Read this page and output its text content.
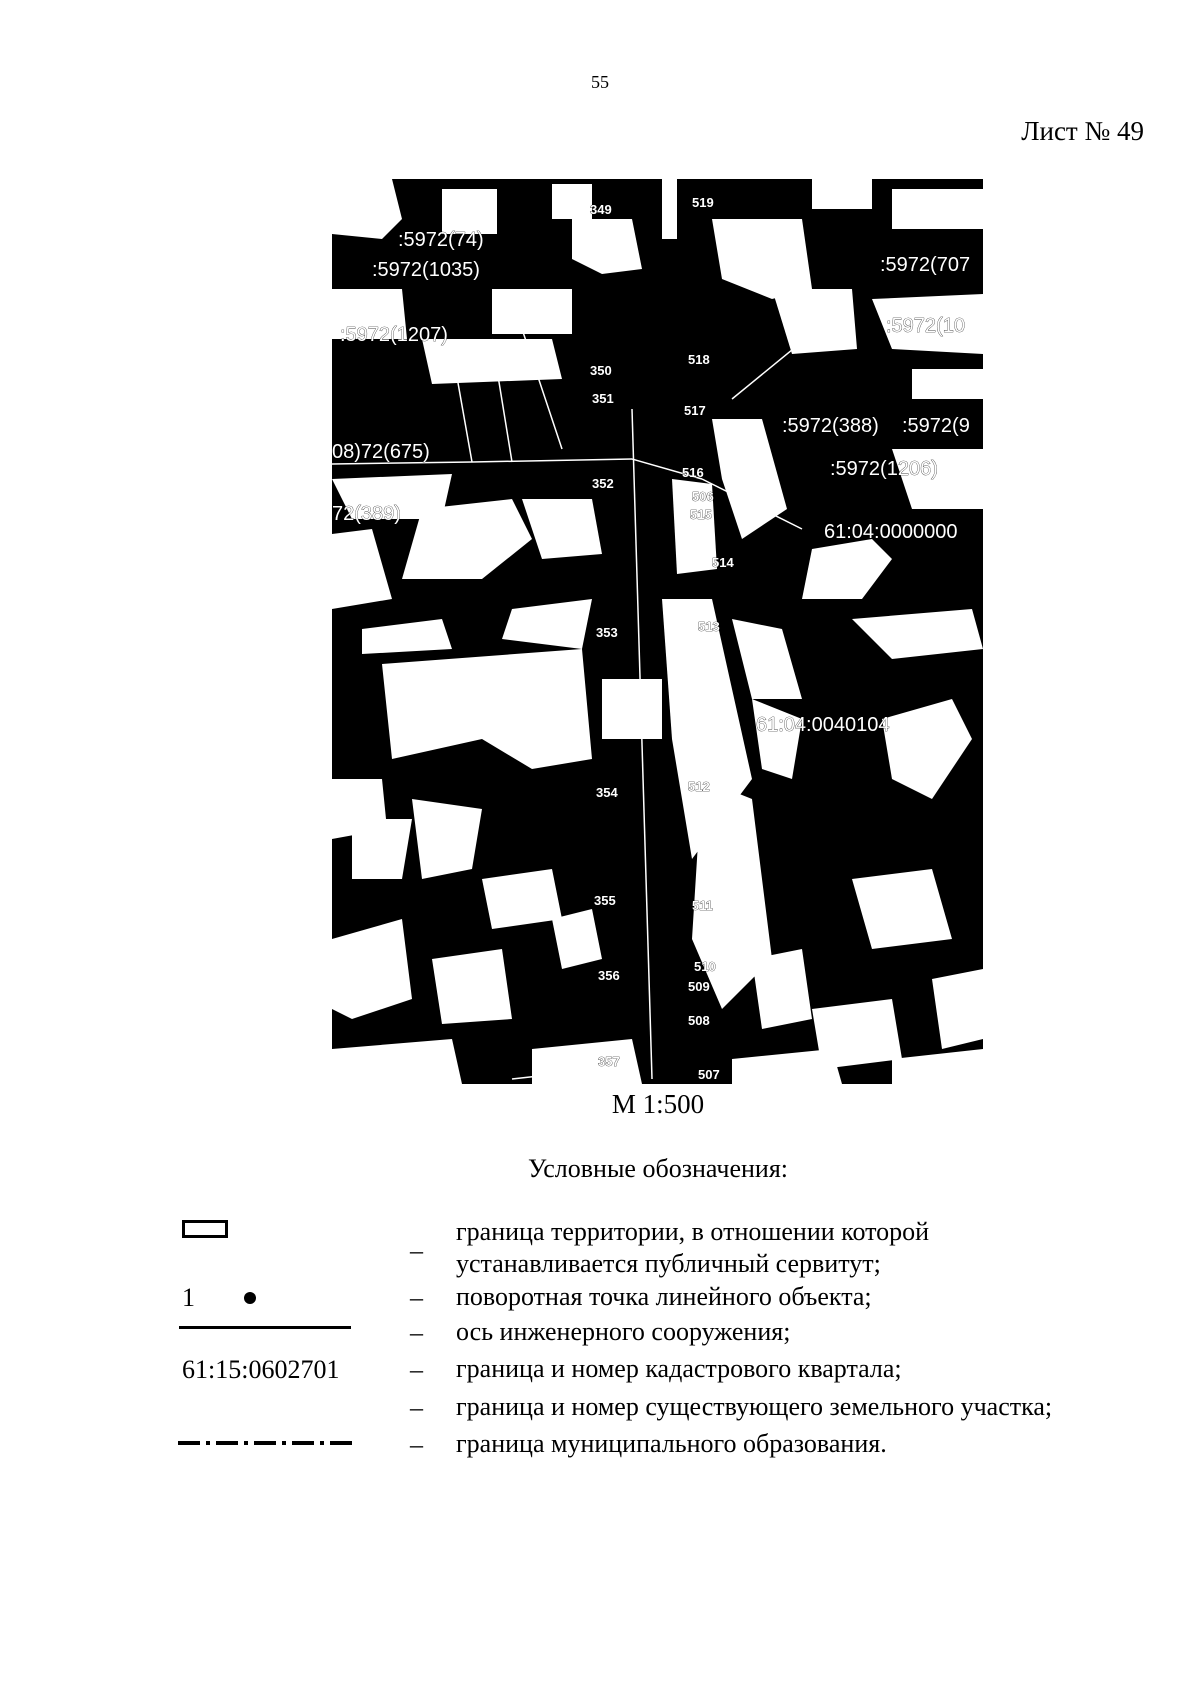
55
Лист № 49
:5972(74)
:5972(1035)
:5972(1207)
:5972(707
:5972(10
:5972(388) :5972(9
:5972(1206)
08)72(675)
72(389)
61:04:0000000
61:04:0040104
349
350
351
352
353
354
355
356
357
519
518
517
516
515
514
513
512
511
510
509
508
507
506
М 1:500
Условные обозначения:
–
граница территории, в отношении которой
устанавливается публичный сервитут;
1	– поворотная точка линейного объекта;
– ось инженерного сооружения;
61:15:0602701	– граница и номер кадастрового квартала;
– граница и номер существующего земельного участка;
– граница муниципального образования.
